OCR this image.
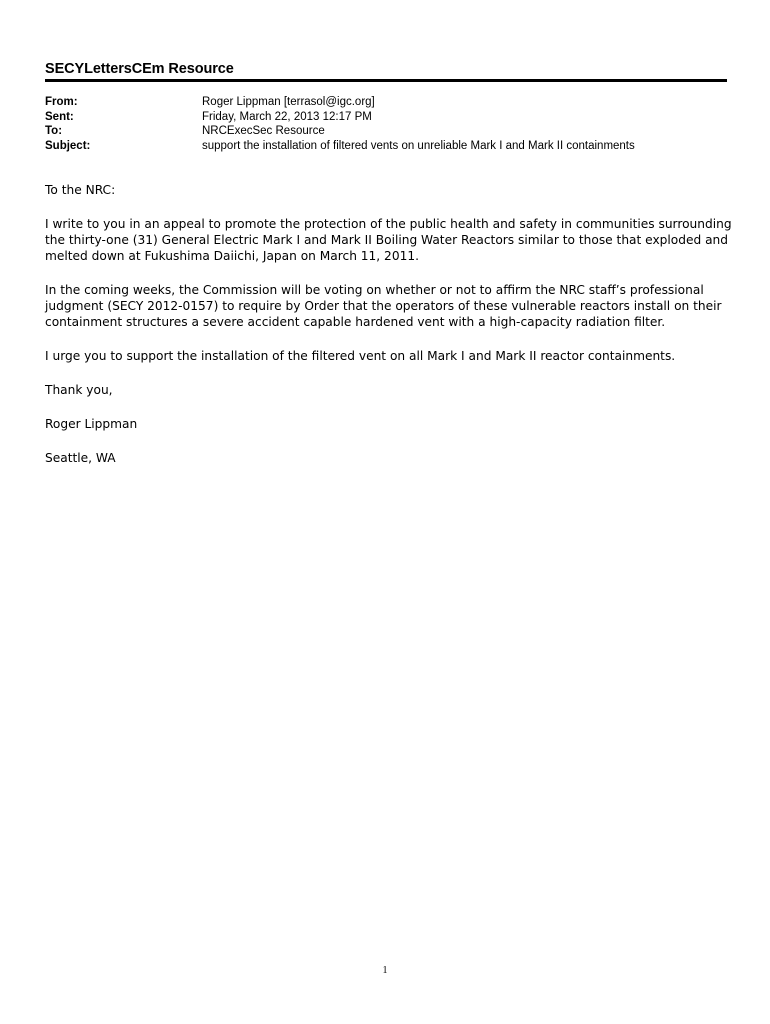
SECYLettersCEm Resource
From:	Roger Lippman [terrasol@igc.org]
Sent:	Friday, March 22, 2013 12:17 PM
To:	NRCExecSec Resource
Subject:	support the installation of filtered vents on unreliable Mark I and Mark II containments

To the NRC:

I write to you in an appeal to promote the protection of the public health and safety in communities surrounding the thirty-one (31) General Electric Mark I and Mark II Boiling Water Reactors similar to those that exploded and melted down at Fukushima Daiichi, Japan on March 11, 2011.

In the coming weeks, the Commission will be voting on whether or not to affirm the NRC staff’s professional judgment (SECY 2012-0157) to require by Order that the operators of these vulnerable reactors install on their containment structures a severe accident capable hardened vent with a high-capacity radiation filter.

I urge you to support the installation of the filtered vent on all Mark I and Mark II reactor containments.

Thank you,

Roger Lippman

Seattle, WA

1
